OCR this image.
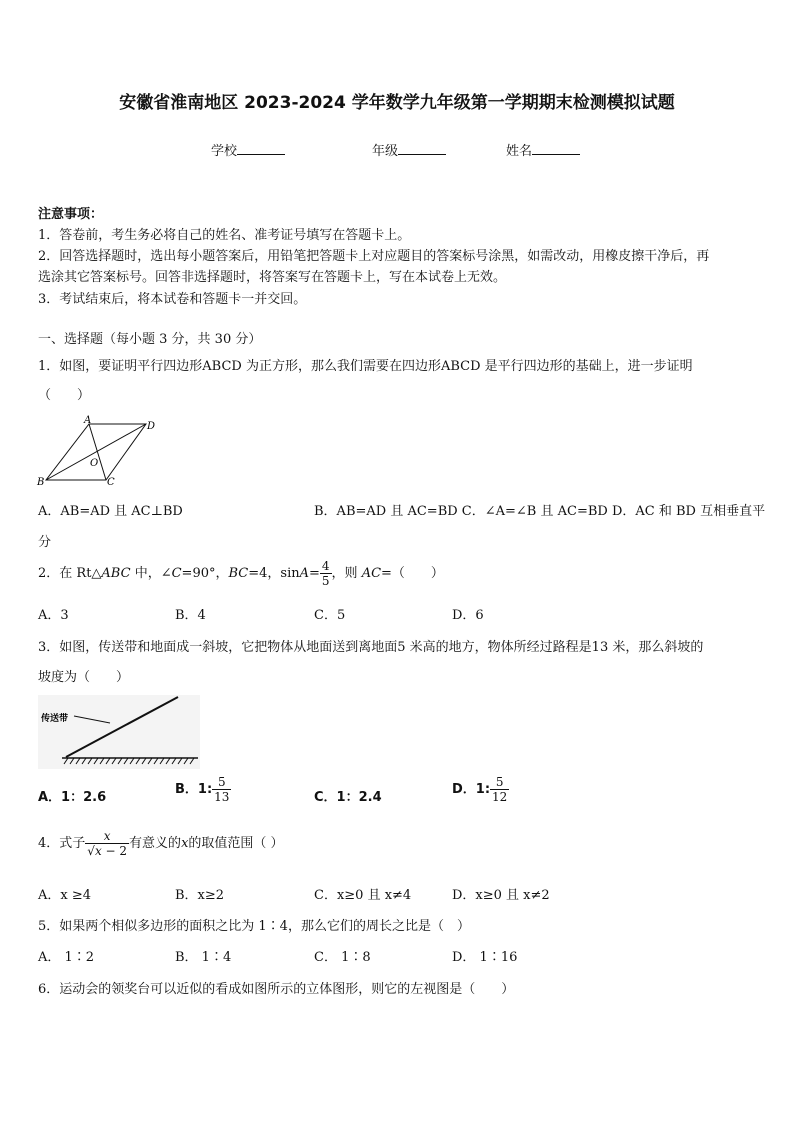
安徽省淮南地区 2023-2024 学年数学九年级第一学期期末检测模拟试题
学校	年级	姓名
注意事项：
1．答卷前，考生务必将自己的姓名、准考证号填写在答题卡上。
2．回答选择题时，选出每小题答案后，用铅笔把答题卡上对应题目的答案标号涂黑，如需改动，用橡皮擦干净后，再
选涂其它答案标号。回答非选择题时，将答案写在答题卡上，写在本试卷上无效。
3．考试结束后，将本试卷和答题卡一并交回。
一、选择题（每小题 3 分，共 30 分）
1．如图，要证明平行四边形ABCD 为正方形，那么我们需要在四边形ABCD 是平行四边形的基础上，进一步证明
（　　）
A
D
B	C
O
A．AB=AD 且 AC⊥BD	B．AB=AD 且 AC=BD C．∠A=∠B 且 AC=BD D．AC 和 BD 互相垂直平
分
2．在 Rt△ABC 中，∠C=90°，BC=4，$\sin A= \frac{4}{5}$ ，则 AC=（　　）
A．3	B．4	C．5	D．6
3．如图，传送带和地面成一斜坡，它把物体从地面送到离地面5 米高的地方，物体所经过路程是13 米，那么斜坡的
坡度为（　　）
传送带
A．1：2.6
B．1: $\frac{5}{13}$	C．1：2.4
D．1: $\frac{5}{12}$
4．式子 $\frac{x}{√x - 2}$ 有意义的x的取值范围（ ）
A．x ≥4	B．x≥2	C．x≥0 且 x≠4	D．x≥0 且 x≠2
5．如果两个相似多边形的面积之比为 1∶4，那么它们的周长之比是（　）
A． 1∶2	B． 1∶4	C． 1∶8	D． 1∶16
6．运动会的领奖台可以近似的看成如图所示的立体图形，则它的左视图是（　　）
